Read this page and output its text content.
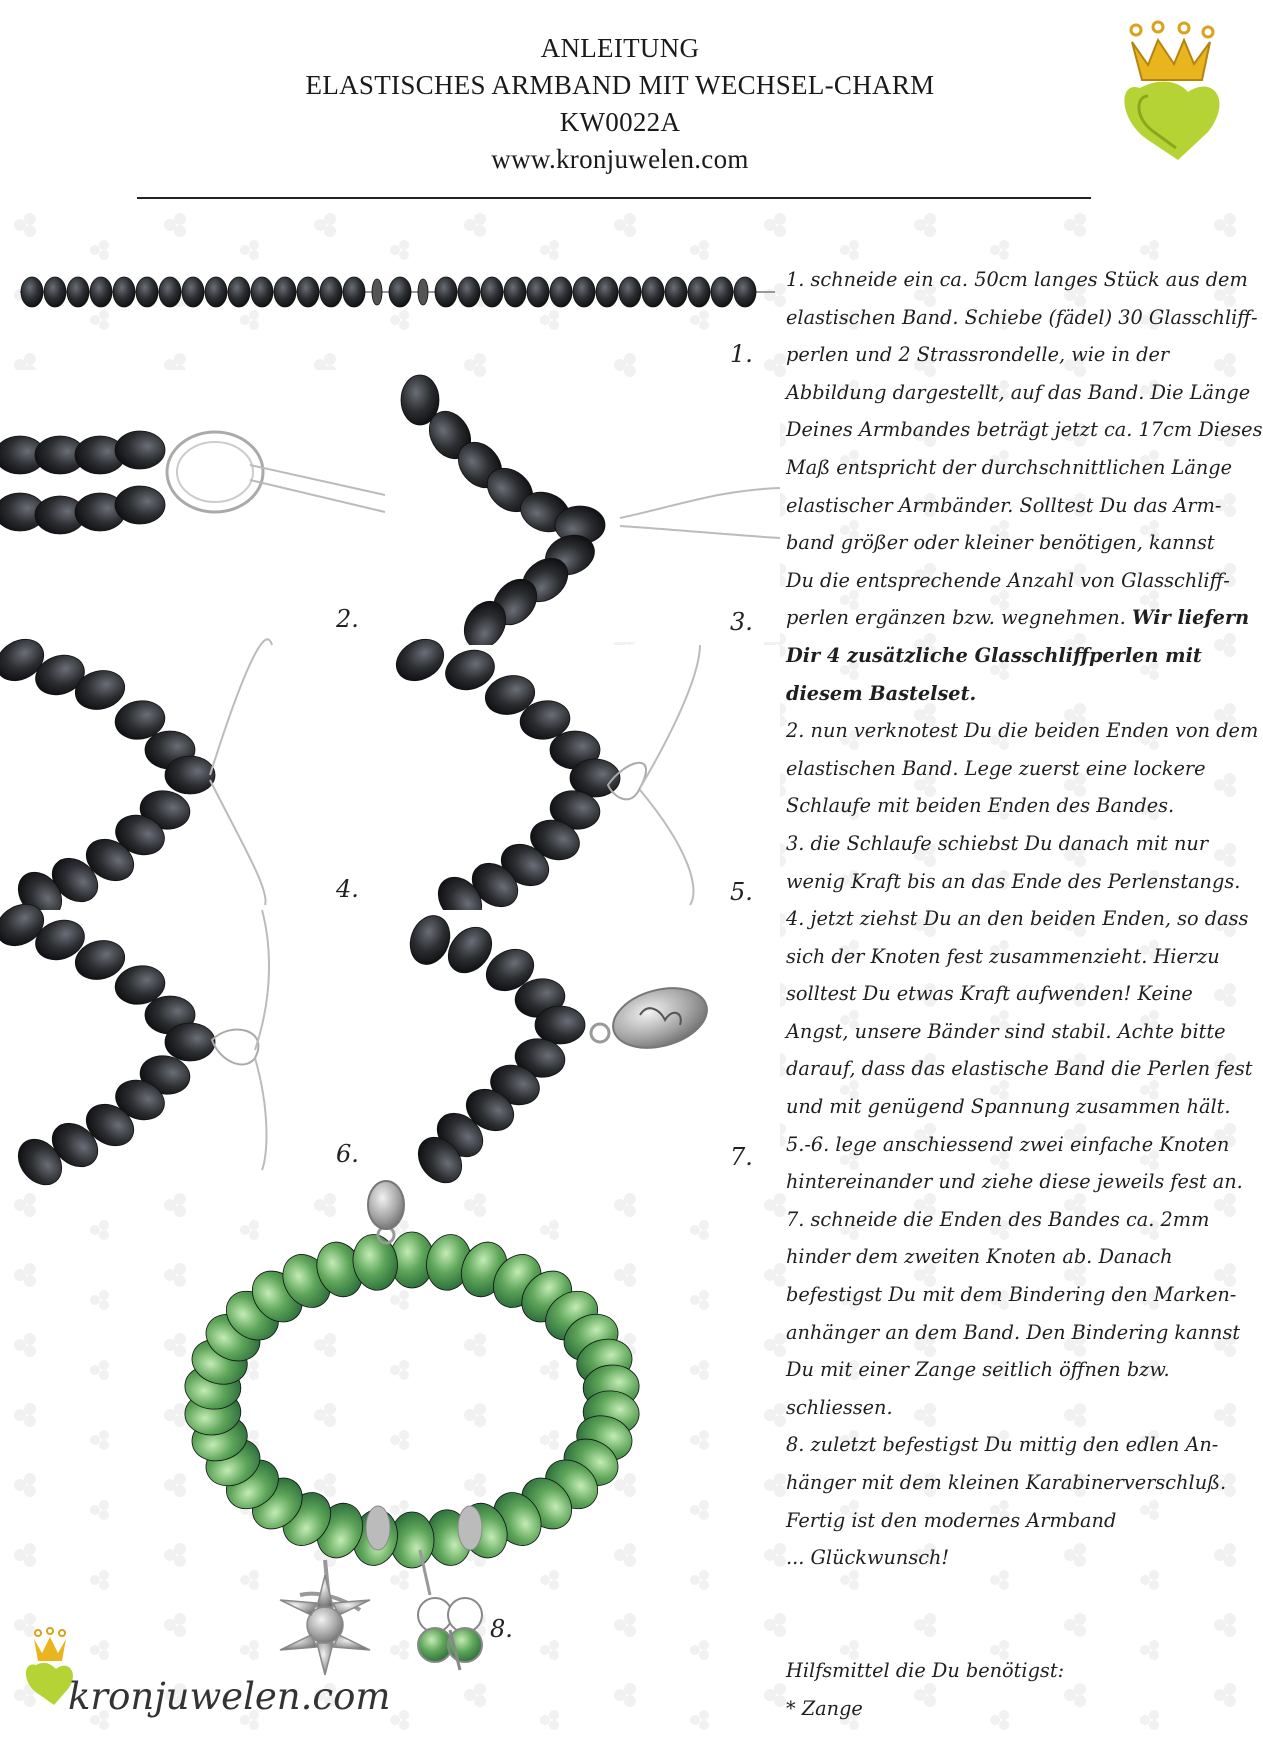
ANLEITUNG
ELASTISCHES ARMBAND MIT WECHSEL-CHARM
KW0022A
www.kronjuwelen.com
1.
2.	3.
4.	5.
6.	7.
8.
1. schneide ein ca. 50cm langes Stück aus dem
elastischen Band. Schiebe (fädel) 30 Glasschliff-
perlen und 2 Strassrondelle, wie in der
Abbildung dargestellt, auf das Band. Die Länge
Deines Armbandes beträgt jetzt ca. 17cm Dieses
Maß entspricht der durchschnittlichen Länge
elastischer Armbänder. Solltest Du das Arm-
band größer oder kleiner benötigen, kannst
Du die entsprechende Anzahl von Glasschliff-
perlen ergänzen bzw. wegnehmen. Wir liefern
Dir 4 zusätzliche Glasschliffperlen mit
diesem Bastelset.
2. nun verknotest Du die beiden Enden von dem
elastischen Band. Lege zuerst eine lockere
Schlaufe mit beiden Enden des Bandes.
3. die Schlaufe schiebst Du danach mit nur
wenig Kraft bis an das Ende des Perlenstangs.
4. jetzt ziehst Du an den beiden Enden, so dass
sich der Knoten fest zusammenzieht. Hierzu
solltest Du etwas Kraft aufwenden! Keine
Angst, unsere Bänder sind stabil. Achte bitte
darauf, dass das elastische Band die Perlen fest
und mit genügend Spannung zusammen hält.
5.-6. lege anschiessend zwei einfache Knoten
hintereinander und ziehe diese jeweils fest an.
7. schneide die Enden des Bandes ca. 2mm
hinder dem zweiten Knoten ab. Danach
befestigst Du mit dem Bindering den Marken-
anhänger an dem Band. Den Bindering kannst
Du mit einer Zange seitlich öffnen bzw.
schliessen.
8. zuletzt befestigst Du mittig den edlen An-
hänger mit dem kleinen Karabinerverschluß.
Fertig ist den modernes Armband
... Glückwunsch!
Hilfsmittel die Du benötigst:
* Zange
kronjuwelen.com
